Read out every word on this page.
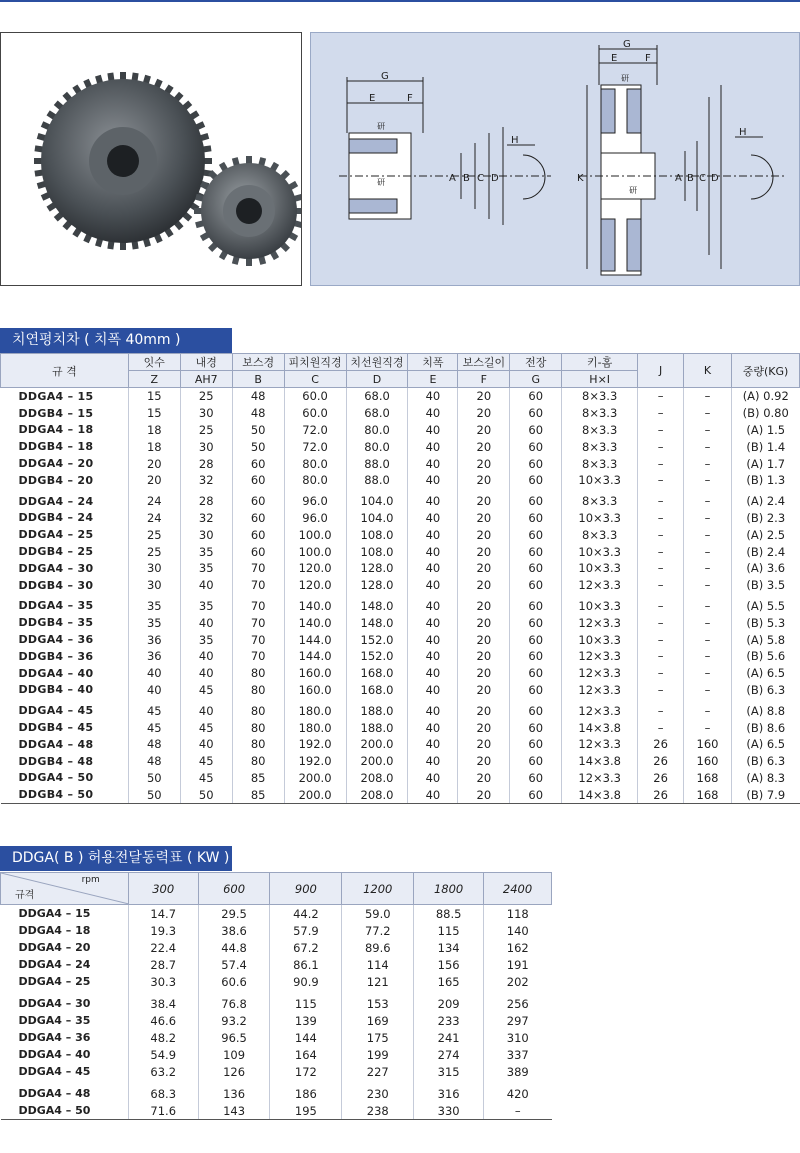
G
E	F
A B C D
H
研
研
G
E	F
K	A B C D
H
研
研
치연평치차 ( 치폭 40mm )
규 격	잇수	내경	보스경	피치원직경	치선원직경	치폭	보스길이	전장	키-홈	J	K	중량(KG)
	Z	AH7	B	C	D	E	F	G	H×I			
DDGA4 – 15	15	25	48	60.0	68.0	40	20	60	8×3.3	–	–	(A) 0.92
DDGB4 – 15	15	30	48	60.0	68.0	40	20	60	8×3.3	–	–	(B) 0.80
DDGA4 – 18	18	25	50	72.0	80.0	40	20	60	8×3.3	–	–	(A) 1.5
DDGB4 – 18	18	30	50	72.0	80.0	40	20	60	8×3.3	–	–	(B) 1.4
DDGA4 – 20	20	28	60	80.0	88.0	40	20	60	8×3.3	–	–	(A) 1.7
DDGB4 – 20	20	32	60	80.0	88.0	40	20	60	10×3.3	–	–	(B) 1.3
DDGA4 – 24	24	28	60	96.0	104.0	40	20	60	8×3.3	–	–	(A) 2.4
DDGB4 – 24	24	32	60	96.0	104.0	40	20	60	10×3.3	–	–	(B) 2.3
DDGA4 – 25	25	30	60	100.0	108.0	40	20	60	8×3.3	–	–	(A) 2.5
DDGB4 – 25	25	35	60	100.0	108.0	40	20	60	10×3.3	–	–	(B) 2.4
DDGA4 – 30	30	35	70	120.0	128.0	40	20	60	10×3.3	–	–	(A) 3.6
DDGB4 – 30	30	40	70	120.0	128.0	40	20	60	12×3.3	–	–	(B) 3.5
DDGA4 – 35	35	35	70	140.0	148.0	40	20	60	10×3.3	–	–	(A) 5.5
DDGB4 – 35	35	40	70	140.0	148.0	40	20	60	12×3.3	–	–	(B) 5.3
DDGA4 – 36	36	35	70	144.0	152.0	40	20	60	10×3.3	–	–	(A) 5.8
DDGB4 – 36	36	40	70	144.0	152.0	40	20	60	12×3.3	–	–	(B) 5.6
DDGA4 – 40	40	40	80	160.0	168.0	40	20	60	12×3.3	–	–	(A) 6.5
DDGB4 – 40	40	45	80	160.0	168.0	40	20	60	12×3.3	–	–	(B) 6.3
DDGA4 – 45	45	40	80	180.0	188.0	40	20	60	12×3.3	–	–	(A) 8.8
DDGB4 – 45	45	45	80	180.0	188.0	40	20	60	14×3.8	–	–	(B) 8.6
DDGA4 – 48	48	40	80	192.0	200.0	40	20	60	12×3.3	26	160	(A) 6.5
DDGB4 – 48	48	45	80	192.0	200.0	40	20	60	14×3.8	26	160	(B) 6.3
DDGA4 – 50	50	45	85	200.0	208.0	40	20	60	12×3.3	26	168	(A) 8.3
DDGB4 – 50	50	50	85	200.0	208.0	40	20	60	14×3.8	26	168	(B) 7.9
DDGA( B ) 허용전달동력표 ( KW )
rpm
규격	300	600	900	1200	1800	2400
DDGA4 – 15	14.7	29.5	44.2	59.0	88.5	118
DDGA4 – 18	19.3	38.6	57.9	77.2	115	140
DDGA4 – 20	22.4	44.8	67.2	89.6	134	162
DDGA4 – 24	28.7	57.4	86.1	114	156	191
DDGA4 – 25	30.3	60.6	90.9	121	165	202
DDGA4 – 30	38.4	76.8	115	153	209	256
DDGA4 – 35	46.6	93.2	139	169	233	297
DDGA4 – 36	48.2	96.5	144	175	241	310
DDGA4 – 40	54.9	109	164	199	274	337
DDGA4 – 45	63.2	126	172	227	315	389
DDGA4 – 48	68.3	136	186	230	316	420
DDGA4 – 50	71.6	143	195	238	330	–
